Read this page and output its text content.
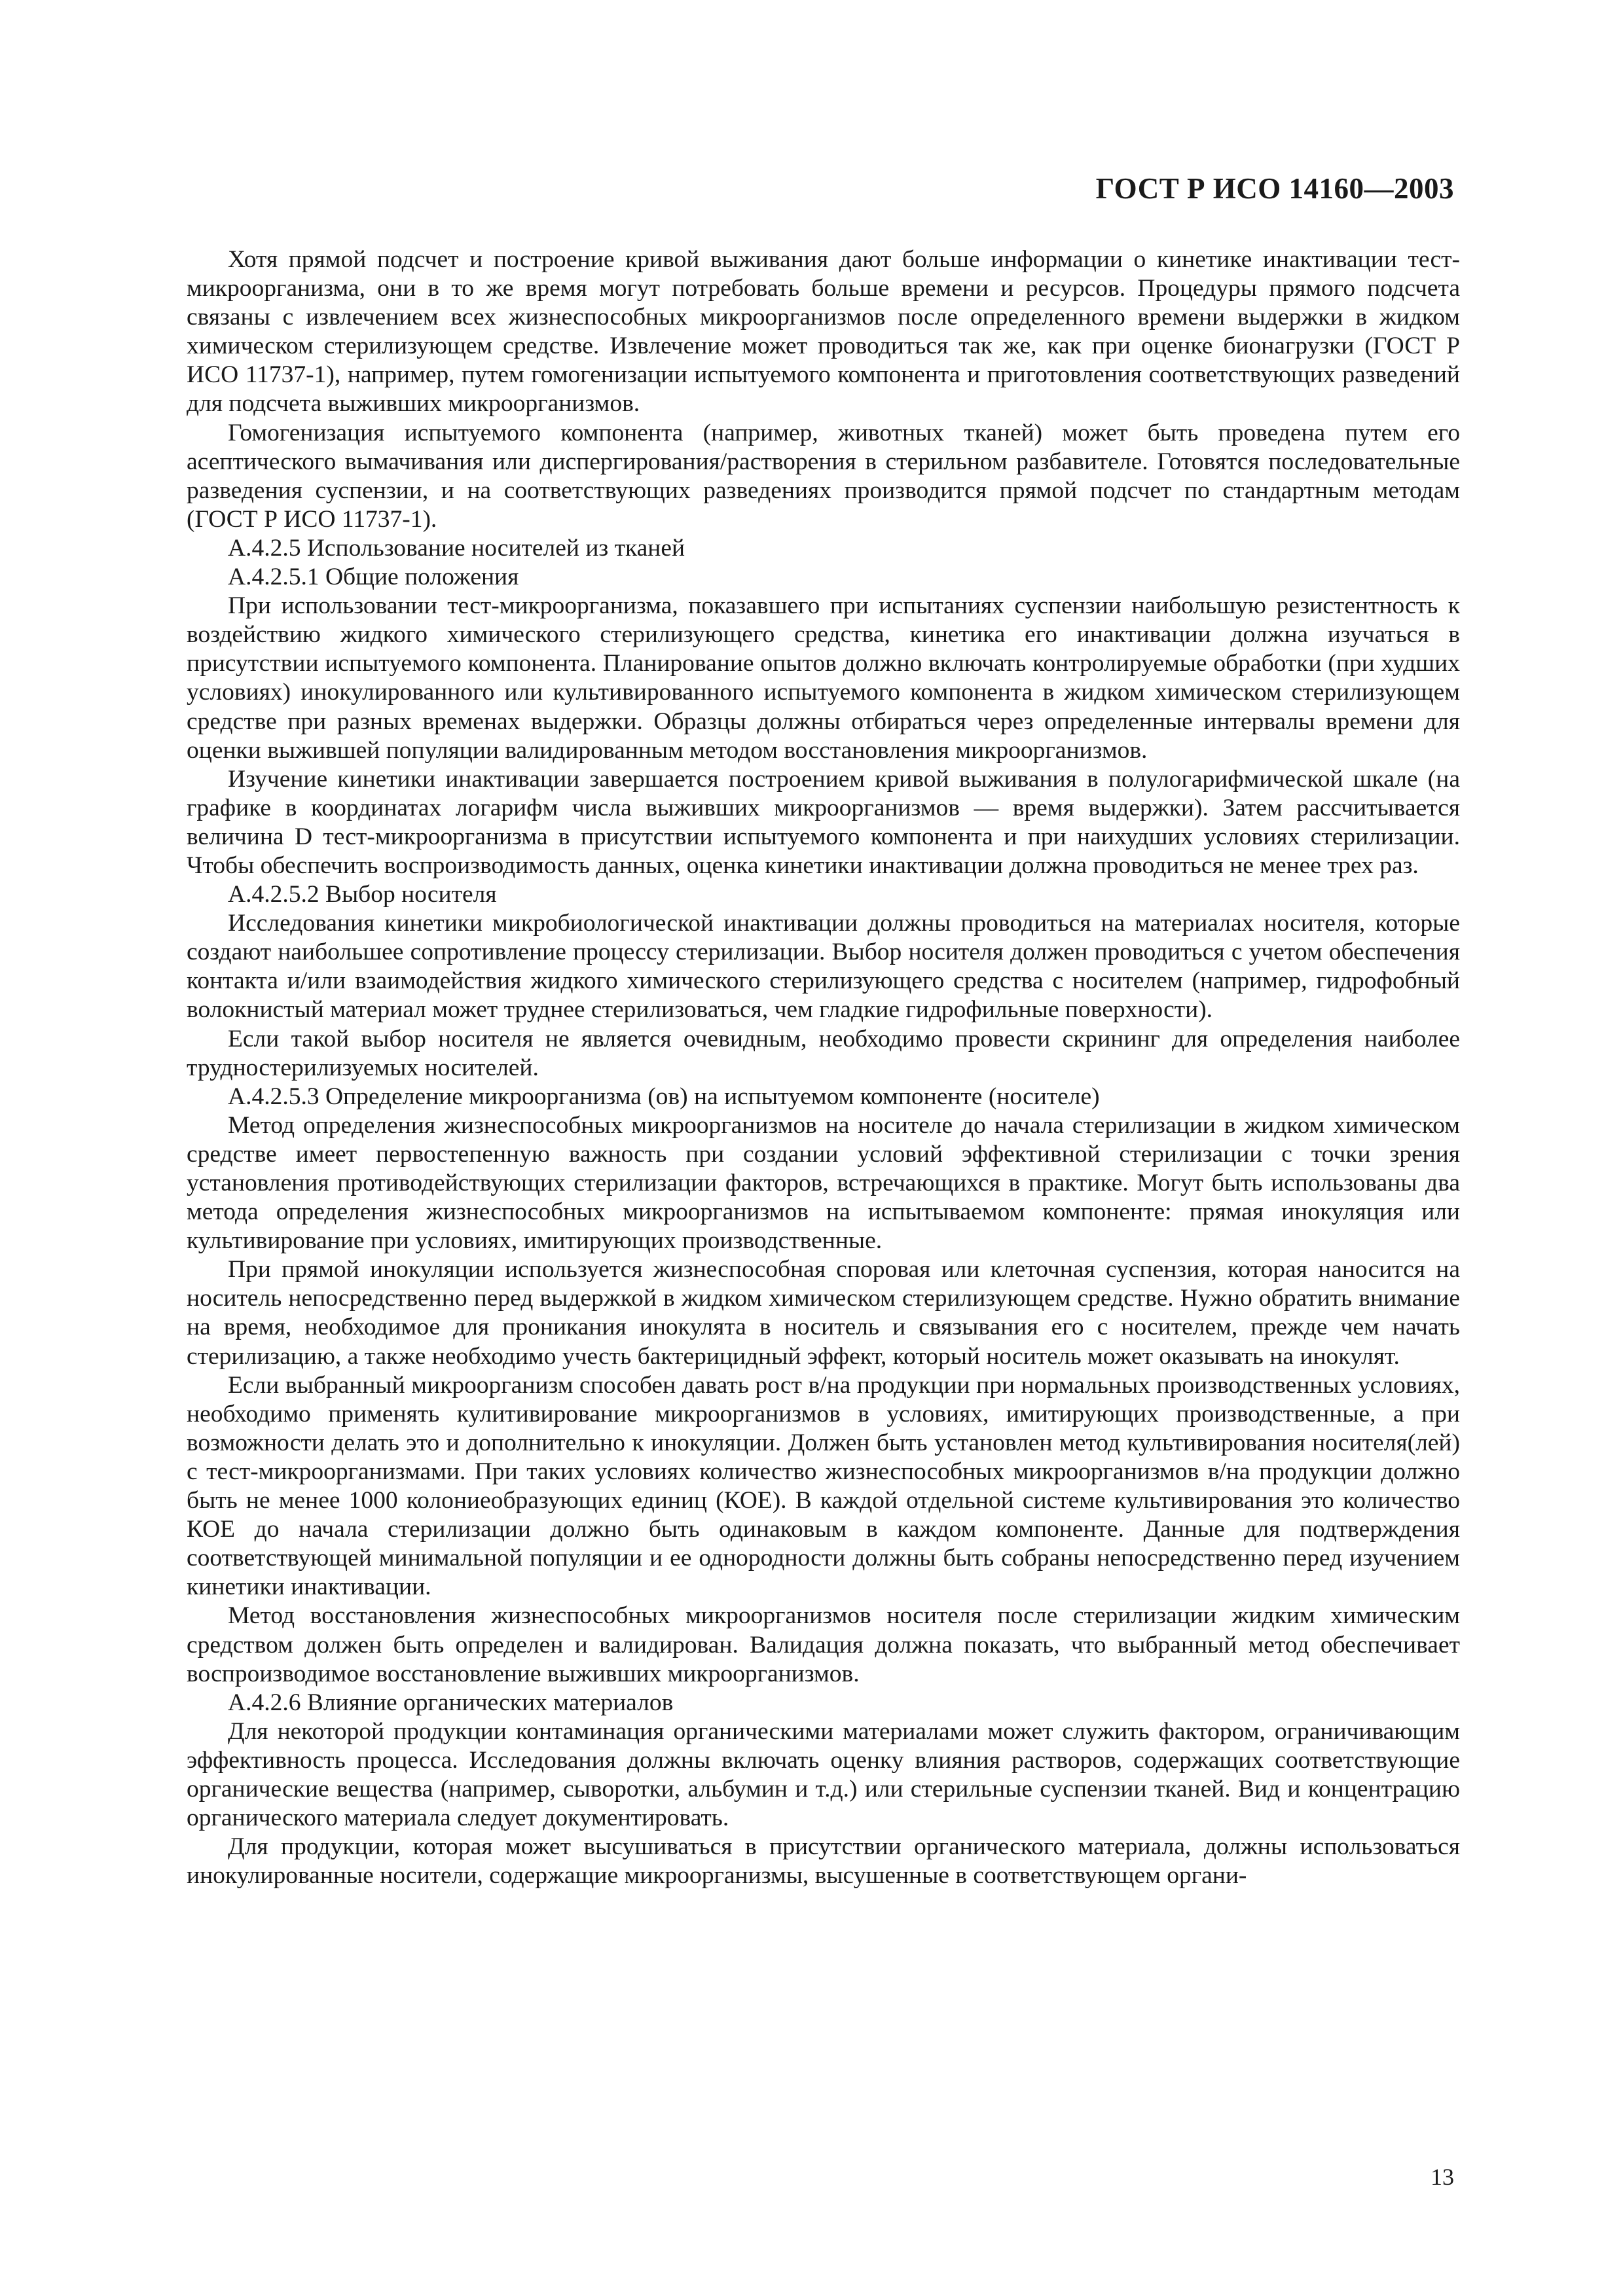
ГОСТ Р ИСО 14160—2003

Хотя прямой подсчет и построение кривой выживания дают больше информации о кинетике инактивации тест-микроорганизма, они в то же время могут потребовать больше времени и ресурсов. Процедуры прямого подсчета связаны с извлечением всех жизнеспособных микроорганизмов после определенного времени выдержки в жидком химическом стерилизующем средстве. Извлечение может проводиться так же, как при оценке бионагрузки (ГОСТ Р ИСО 11737-1), например, путем гомогенизации испытуемого компонента и приготовления соответствующих разведений для подсчета выживших микроорганизмов.

Гомогенизация испытуемого компонента (например, животных тканей) может быть проведена путем его асептического вымачивания или диспергирования/растворения в стерильном разбавителе. Готовятся последовательные разведения суспензии, и на соответствующих разведениях производится прямой подсчет по стандартным методам (ГОСТ Р ИСО 11737-1).

А.4.2.5 Использование носителей из тканей

А.4.2.5.1 Общие положения

При использовании тест-микроорганизма, показавшего при испытаниях суспензии наибольшую резистентность к воздействию жидкого химического стерилизующего средства, кинетика его инактивации должна изучаться в присутствии испытуемого компонента. Планирование опытов должно включать контролируемые обработки (при худших условиях) инокулированного или культивированного испытуемого компонента в жидком химическом стерилизующем средстве при разных временах выдержки. Образцы должны отбираться через определенные интервалы времени для оценки выжившей популяции валидированным методом восстановления микроорганизмов.

Изучение кинетики инактивации завершается построением кривой выживания в полулогарифмической шкале (на графике в координатах логарифм числа выживших микроорганизмов — время выдержки). Затем рассчитывается величина D тест-микроорганизма в присутствии испытуемого компонента и при наихудших условиях стерилизации. Чтобы обеспечить воспроизводимость данных, оценка кинетики инактивации должна проводиться не менее трех раз.

А.4.2.5.2 Выбор носителя

Исследования кинетики микробиологической инактивации должны проводиться на материалах носителя, которые создают наибольшее сопротивление процессу стерилизации. Выбор носителя должен проводиться с учетом обеспечения контакта и/или взаимодействия жидкого химического стерилизующего средства с носителем (например, гидрофобный волокнистый материал может труднее стерилизоваться, чем гладкие гидрофильные поверхности).

Если такой выбор носителя не является очевидным, необходимо провести скрининг для определения наиболее трудностерилизуемых носителей.

А.4.2.5.3 Определение микроорганизма (ов) на испытуемом компоненте (носителе)

Метод определения жизнеспособных микроорганизмов на носителе до начала стерилизации в жидком химическом средстве имеет первостепенную важность при создании условий эффективной стерилизации с точки зрения установления противодействующих стерилизации факторов, встречающихся в практике. Могут быть использованы два метода определения жизнеспособных микроорганизмов на испытываемом компоненте: прямая инокуляция или культивирование при условиях, имитирующих производственные.

При прямой инокуляции используется жизнеспособная споровая или клеточная суспензия, которая наносится на носитель непосредственно перед выдержкой в жидком химическом стерилизующем средстве. Нужно обратить внимание на время, необходимое для проникания инокулята в носитель и связывания его с носителем, прежде чем начать стерилизацию, а также необходимо учесть бактерицидный эффект, который носитель может оказывать на инокулят.

Если выбранный микроорганизм способен давать рост в/на продукции при нормальных производственных условиях, необходимо применять кулитивирование микроорганизмов в условиях, имитирующих производственные, а при возможности делать это и дополнительно к инокуляции. Должен быть установлен метод культивирования носителя(лей) с тест-микроорганизмами. При таких условиях количество жизнеспособных микроорганизмов в/на продукции должно быть не менее 1000 колониеобразующих единиц (КОЕ). В каждой отдельной системе культивирования это количество КОЕ до начала стерилизации должно быть одинаковым в каждом компоненте. Данные для подтверждения соответствующей минимальной популяции и ее однородности должны быть собраны непосредственно перед изучением кинетики инактивации.

Метод восстановления жизнеспособных микроорганизмов носителя после стерилизации жидким химическим средством должен быть определен и валидирован. Валидация должна показать, что выбранный метод обеспечивает воспроизводимое восстановление выживших микроорганизмов.

А.4.2.6 Влияние органических материалов

Для некоторой продукции контаминация органическими материалами может служить фактором, ограничивающим эффективность процесса. Исследования должны включать оценку влияния растворов, содержащих соответствующие органические вещества (например, сыворотки, альбумин и т.д.) или стерильные суспензии тканей. Вид и концентрацию органического материала следует документировать.

Для продукции, которая может высушиваться в присутствии органического материала, должны использоваться инокулированные носители, содержащие микроорганизмы, высушенные в соответствующем органи-

13
